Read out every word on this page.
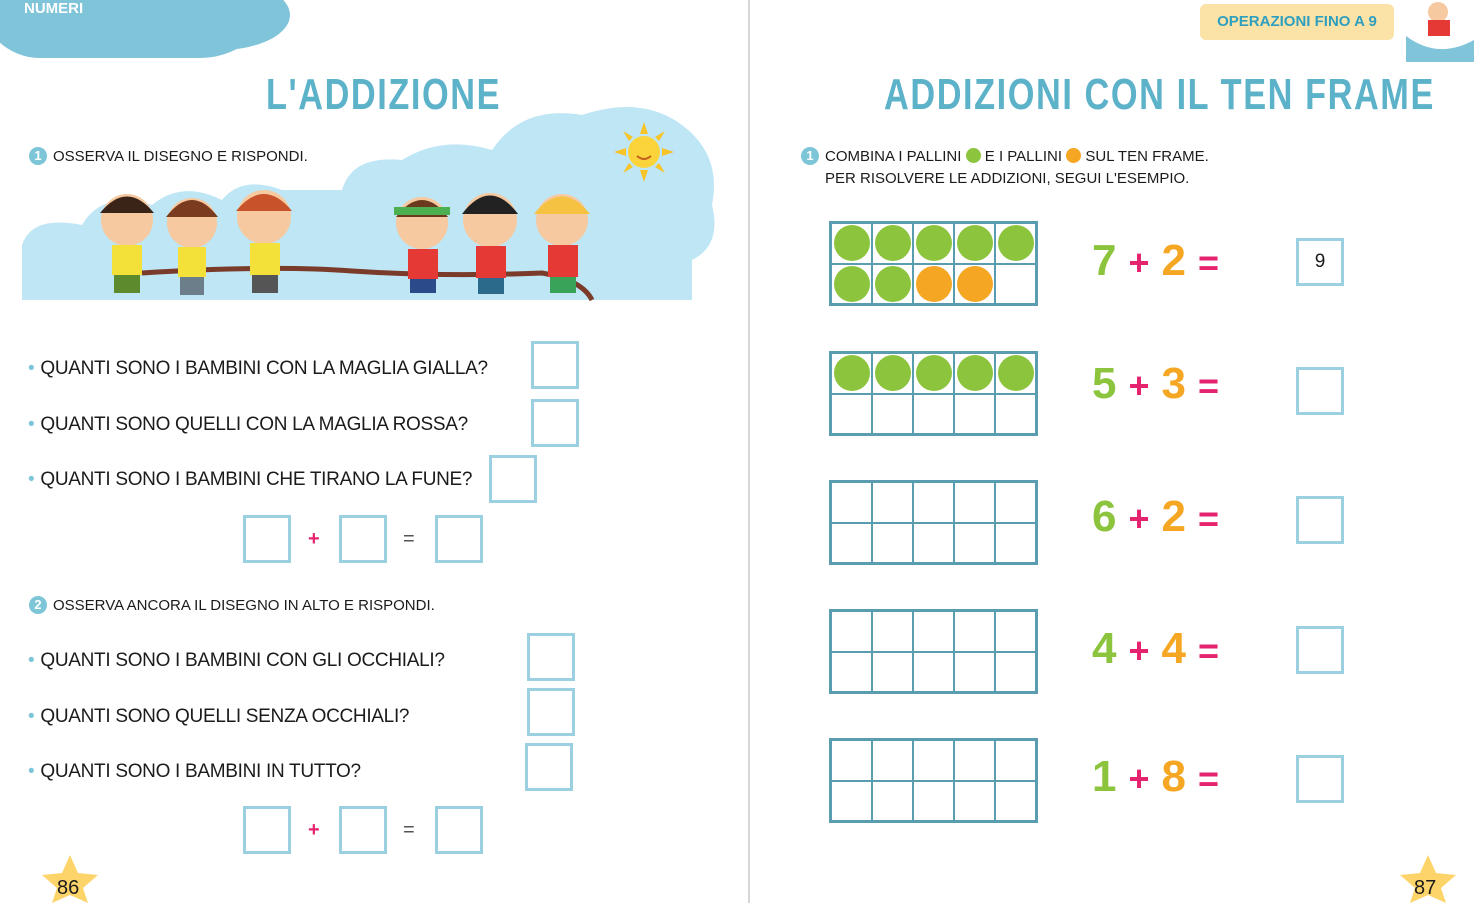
NUMERI
L'ADDIZIONE
1 OSSERVA IL DISEGNO E RISPONDI.
• QUANTI SONO I BAMBINI CON LA MAGLIA GIALLA?
• QUANTI SONO QUELLI CON LA MAGLIA ROSSA?
• QUANTI SONO I BAMBINI CHE TIRANO LA FUNE?
+	=
2 OSSERVA ANCORA IL DISEGNO IN ALTO E RISPONDI.
• QUANTI SONO I BAMBINI CON GLI OCCHIALI?
• QUANTI SONO QUELLI SENZA OCCHIALI?
• QUANTI SONO I BAMBINI IN TUTTO?
+	=
86
OPERAZIONI FINO A 9
ADDIZIONI CON IL TEN FRAME
1 COMBINA I PALLINI E I PALLINI SUL TEN FRAME.
PER RISOLVERE LE ADDIZIONI, SEGUI L'ESEMPIO.
7 + 2 =	9
5 + 3 =
6 + 2 =
4 + 4 =
1 + 8 =
87
